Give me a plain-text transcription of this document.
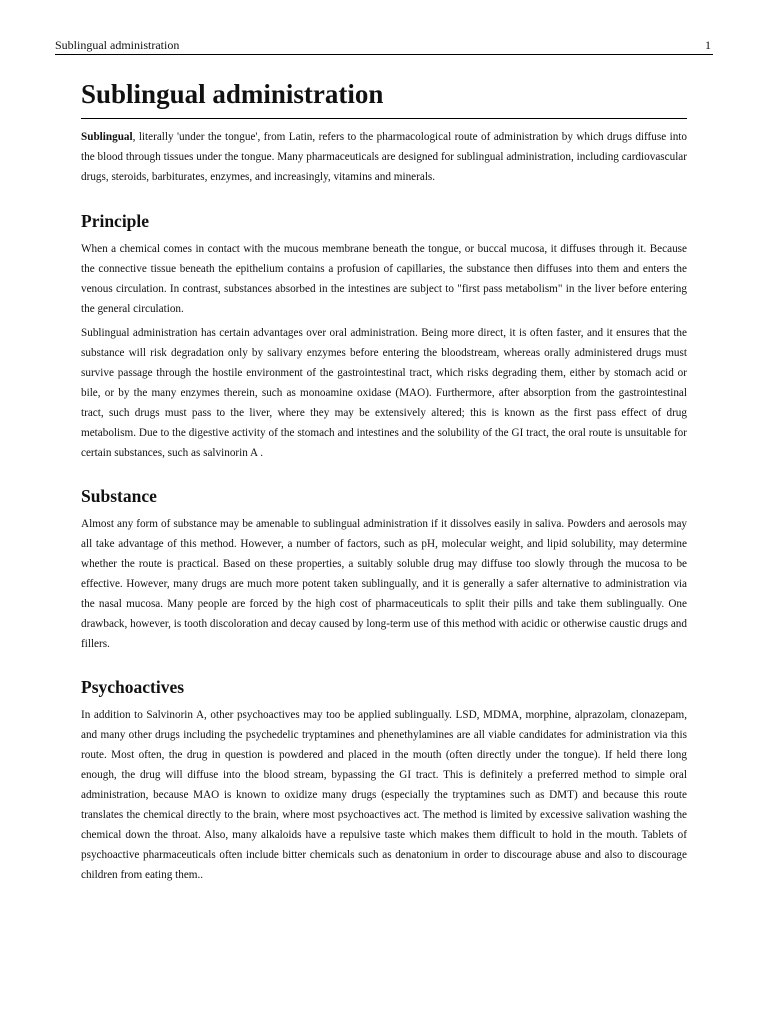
Sublingual administration	1
Sublingual administration

Sublingual, literally 'under the tongue', from Latin, refers to the pharmacological route of administration by which drugs diffuse into the blood through tissues under the tongue. Many pharmaceuticals are designed for sublingual administration, including cardiovascular drugs, steroids, barbiturates, enzymes, and increasingly, vitamins and minerals.

Principle

When a chemical comes in contact with the mucous membrane beneath the tongue, or buccal mucosa, it diffuses through it. Because the connective tissue beneath the epithelium contains a profusion of capillaries, the substance then diffuses into them and enters the venous circulation. In contrast, substances absorbed in the intestines are subject to "first pass metabolism" in the liver before entering the general circulation.

Sublingual administration has certain advantages over oral administration. Being more direct, it is often faster, and it ensures that the substance will risk degradation only by salivary enzymes before entering the bloodstream, whereas orally administered drugs must survive passage through the hostile environment of the gastrointestinal tract, which risks degrading them, either by stomach acid or bile, or by the many enzymes therein, such as monoamine oxidase (MAO). Furthermore, after absorption from the gastrointestinal tract, such drugs must pass to the liver, where they may be extensively altered; this is known as the first pass effect of drug metabolism. Due to the digestive activity of the stomach and intestines and the solubility of the GI tract, the oral route is unsuitable for certain substances, such as salvinorin A .

Substance

Almost any form of substance may be amenable to sublingual administration if it dissolves easily in saliva. Powders and aerosols may all take advantage of this method. However, a number of factors, such as pH, molecular weight, and lipid solubility, may determine whether the route is practical. Based on these properties, a suitably soluble drug may diffuse too slowly through the mucosa to be effective. However, many drugs are much more potent taken sublingually, and it is generally a safer alternative to administration via the nasal mucosa. Many people are forced by the high cost of pharmaceuticals to split their pills and take them sublingually. One drawback, however, is tooth discoloration and decay caused by long-term use of this method with acidic or otherwise caustic drugs and fillers.

Psychoactives

In addition to Salvinorin A, other psychoactives may too be applied sublingually. LSD, MDMA, morphine, alprazolam, clonazepam, and many other drugs including the psychedelic tryptamines and phenethylamines are all viable candidates for administration via this route. Most often, the drug in question is powdered and placed in the mouth (often directly under the tongue). If held there long enough, the drug will diffuse into the blood stream, bypassing the GI tract. This is definitely a preferred method to simple oral administration, because MAO is known to oxidize many drugs (especially the tryptamines such as DMT) and because this route translates the chemical directly to the brain, where most psychoactives act. The method is limited by excessive salivation washing the chemical down the throat. Also, many alkaloids have a repulsive taste which makes them difficult to hold in the mouth. Tablets of psychoactive pharmaceuticals often include bitter chemicals such as denatonium in order to discourage abuse and also to discourage children from eating them..
